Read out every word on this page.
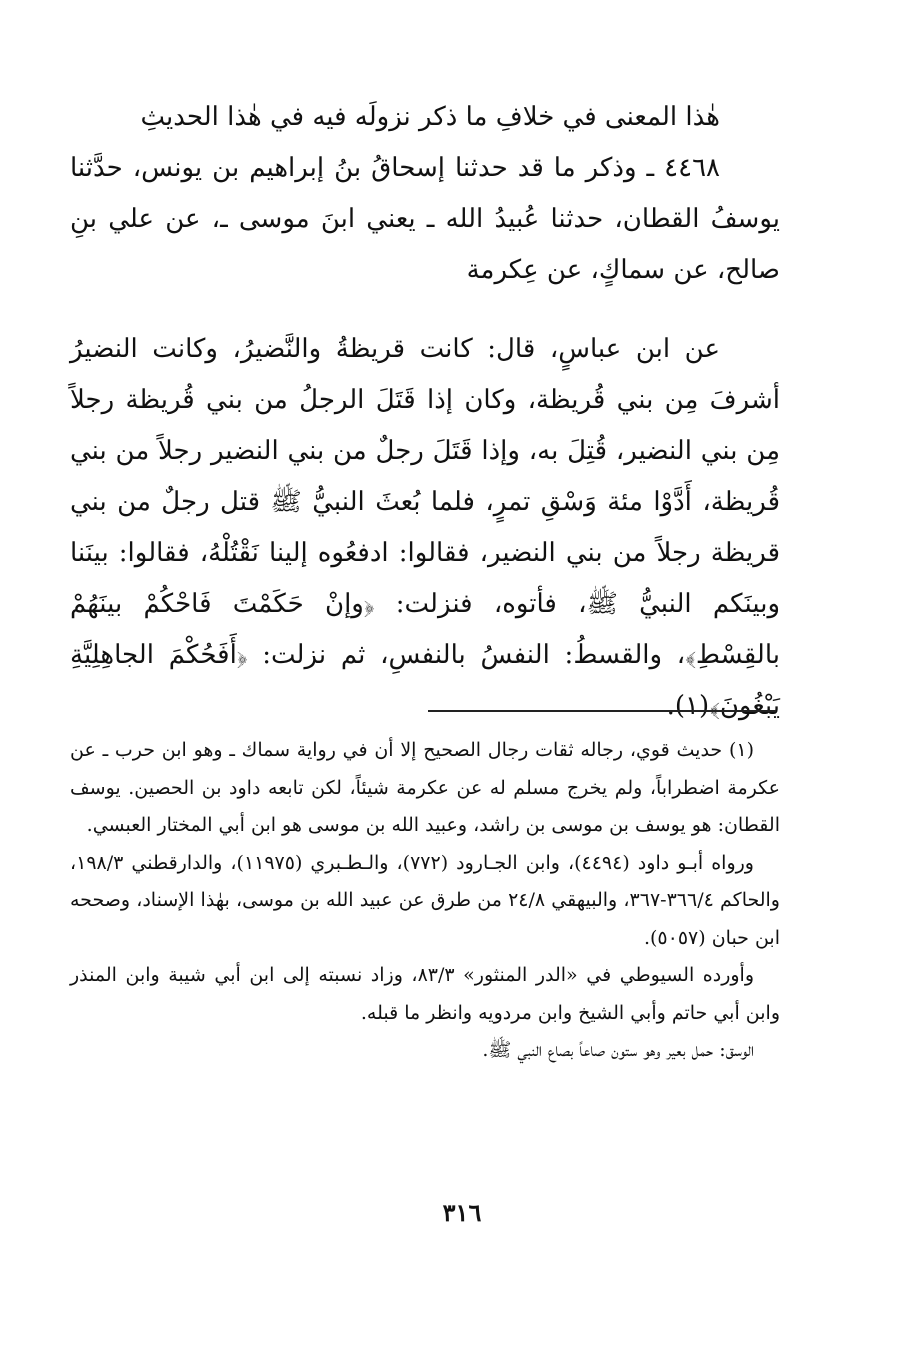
هٰذا المعنى في خلافِ ما ذكر نزولَه فيه في هٰذا الحديثِ

٤٤٦٨ ـ وذكر ما قد حدثنا إسحاقُ بنُ إبراهيم بن يونس، حدَّثنا يوسفُ القطان، حدثنا عُبيدُ الله ـ يعني ابنَ موسى ـ، عن علي بنِ صالح، عن سماكٍ، عن عِكرمة

عن ابن عباسٍ، قال: كانت قريظةُ والنَّضيرُ، وكانت النضيرُ أشرفَ مِن بني قُريظة، وكان إذا قَتَلَ الرجلُ من بني قُريظة رجلاً مِن بني النضير، قُتِلَ به، وإذا قَتَلَ رجلٌ من بني النضير رجلاً من بني قُريظة، أَدَّوْا مئة وَسْقِ تمرٍ، فلما بُعثَ النبيُّ ﷺ قتل رجلٌ من بني قريظة رجلاً من بني النضير، فقالوا: ادفعُوه إلينا نَقْتُلْهُ، فقالوا: بينَنا وبينَكم النبيُّ ﷺ، فأتوه، فنزلت: ﴿وإنْ حَكَمْتَ فَاحْكُمْ بينَهُمْ بالقِسْطِ﴾، والقسطُ: النفسُ بالنفسِ، ثم نزلت: ﴿أَفَحُكْمَ الجاهِلِيَّةِ يَبْغُونَ﴾(١).

(١) حديث قوي، رجاله ثقات رجال الصحيح إلا أن في رواية سماك ـ وهو ابن حرب ـ عن عكرمة اضطراباً، ولم يخرج مسلم له عن عكرمة شيئاً، لكن تابعه داود بن الحصين. يوسف القطان: هو يوسف بن موسى بن راشد، وعبيد الله بن موسى هو ابن أبي المختار العبسي.

ورواه أبـو داود (٤٤٩٤)، وابن الجـارود (٧٧٢)، والـطـبري (١١٩٧٥)، والدارقطني ١٩٨/٣، والحاكم ٣٦٦/٤-٣٦٧، والبيهقي ٢٤/٨ من طرق عن عبيد الله بن موسى، بهٰذا الإسناد، وصححه ابن حبان (٥٠٥٧).

وأورده السيوطي في «الدر المنثور» ٨٣/٣، وزاد نسبته إلى ابن أبي شيبة وابن المنذر وابن أبي حاتم وأبي الشيخ وابن مردويه وانظر ما قبله.

الوسق: حمل بعير وهو ستون صاعاً بصاع النبي ﷺ.

٣١٦
